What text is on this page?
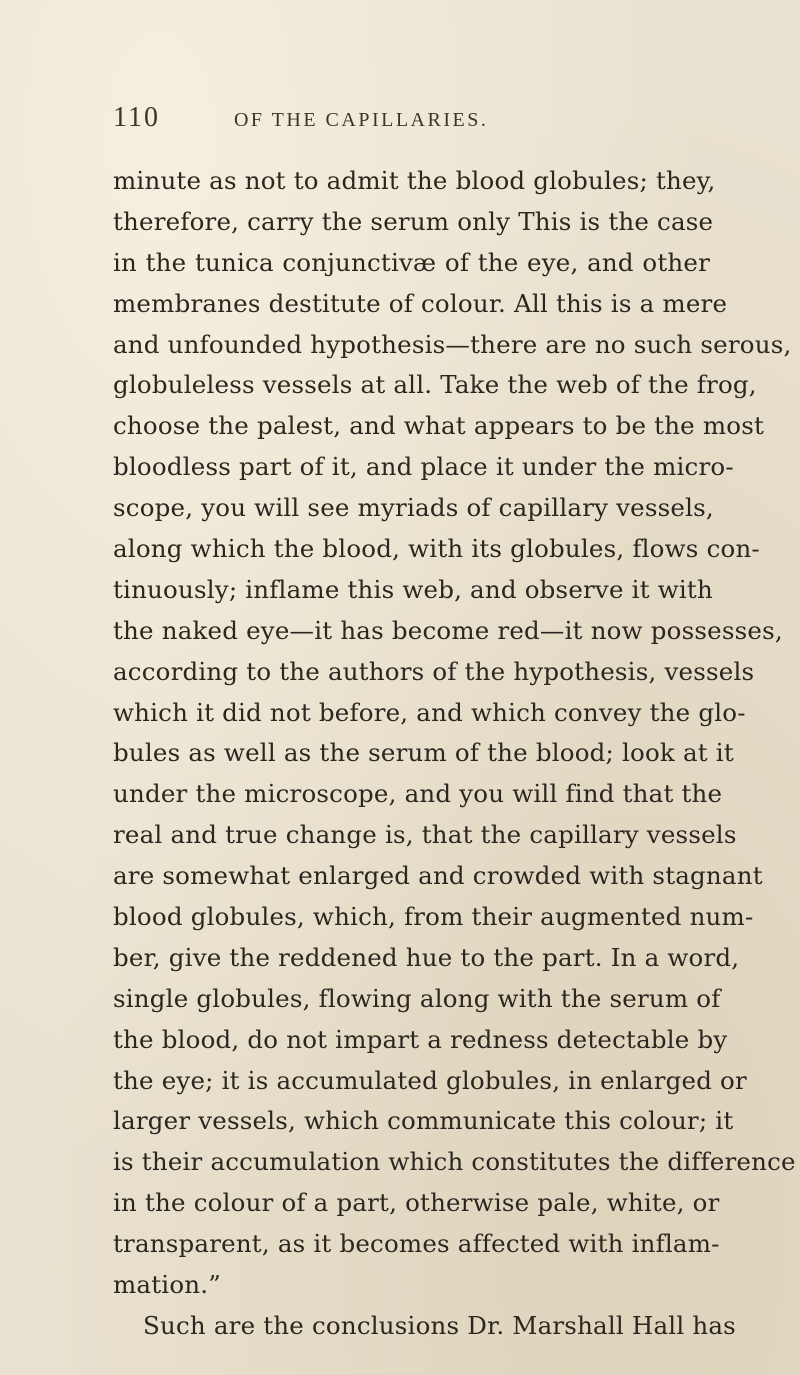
110	OF THE CAPILLARIES.
minute as not to admit the blood globules; they,
therefore, carry the serum only This is the case
in the tunica conjunctivæ of the eye, and other
membranes destitute of colour. All this is a mere
and unfounded hypothesis—there are no such serous,
globuleless vessels at all. Take the web of the frog,
choose the palest, and what appears to be the most
bloodless part of it, and place it under the micro-
scope, you will see myriads of capillary vessels,
along which the blood, with its globules, flows con-
tinuously; inflame this web, and observe it with
the naked eye—it has become red—it now possesses,
according to the authors of the hypothesis, vessels
which it did not before, and which convey the glo-
bules as well as the serum of the blood; look at it
under the microscope, and you will find that the
real and true change is, that the capillary vessels
are somewhat enlarged and crowded with stagnant
blood globules, which, from their augmented num-
ber, give the reddened hue to the part. In a word,
single globules, flowing along with the serum of
the blood, do not impart a redness detectable by
the eye; it is accumulated globules, in enlarged or
larger vessels, which communicate this colour; it
is their accumulation which constitutes the difference
in the colour of a part, otherwise pale, white, or
transparent, as it becomes affected with inflam-
mation.”
Such are the conclusions Dr. Marshall Hall has
